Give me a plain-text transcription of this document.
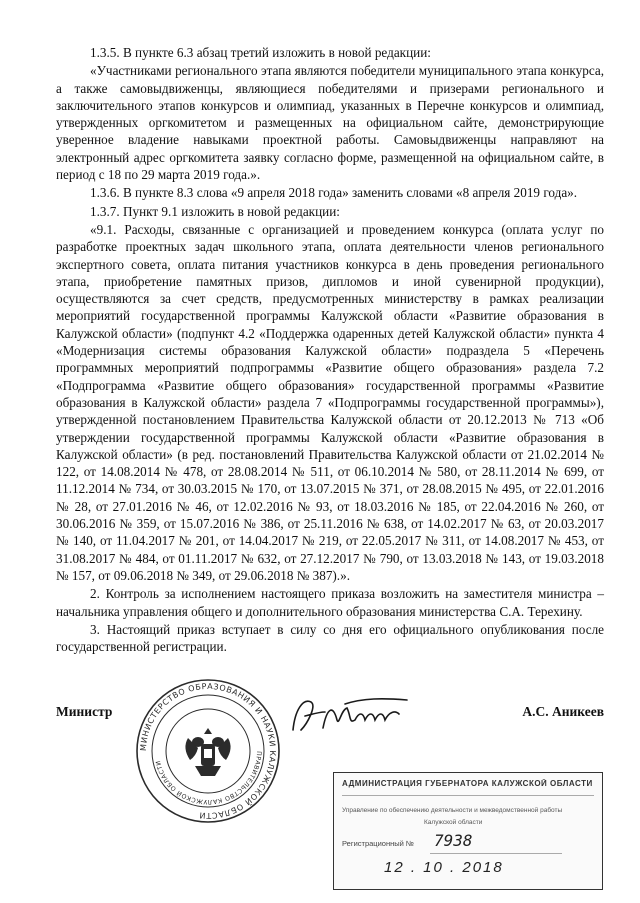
1.3.5. В пункте 6.3 абзац третий изложить в новой редакции:

«Участниками регионального этапа являются победители муниципального этапа конкурса, а также самовыдвиженцы, являющиеся победителями и призерами регионального и заключительного этапов конкурсов и олимпиад, указанных в Перечне конкурсов и олимпиад, утвержденных оргкомитетом и размещенных на официальном сайте, демонстрирующие уверенное владение навыками проектной работы. Самовыдвиженцы направляют на электронный адрес оргкомитета заявку согласно форме, размещенной на официальном сайте, в период с 18 по 29 марта 2019 года.».

1.3.6. В пункте 8.3 слова «9 апреля 2018 года» заменить словами «8 апреля 2019 года».

1.3.7. Пункт 9.1 изложить в новой редакции:

«9.1. Расходы, связанные с организацией и проведением конкурса (оплата услуг по разработке проектных задач школьного этапа, оплата деятельности членов регионального экспертного совета, оплата питания участников конкурса в день проведения регионального этапа, приобретение памятных призов, дипломов и иной сувенирной продукции), осуществляются за счет средств, предусмотренных министерству в рамках реализации мероприятий государственной программы Калужской области «Развитие образования в Калужской области» (подпункт 4.2 «Поддержка одаренных детей Калужской области» пункта 4 «Модернизация системы образования Калужской области» подраздела 5 «Перечень программных мероприятий подпрограммы «Развитие общего образования» раздела 7.2 «Подпрограмма «Развитие общего образования» государственной программы «Развитие образования в Калужской области» раздела 7 «Подпрограммы государственной программы»), утвержденной постановлением Правительства Калужской области от 20.12.2013 № 713 «Об утверждении государственной программы Калужской области «Развитие образования в Калужской области» (в ред. постановлений Правительства Калужской области от 21.02.2014 № 122, от 14.08.2014 № 478, от 28.08.2014 № 511, от 06.10.2014 № 580, от 28.11.2014 № 699, от 11.12.2014 № 734, от 30.03.2015 № 170, от 13.07.2015 № 371, от 28.08.2015 № 495, от 22.01.2016 № 28, от 27.01.2016 № 46, от 12.02.2016 № 93, от 18.03.2016 № 185, от 22.04.2016 № 260, от 30.06.2016 № 359, от 15.07.2016 № 386, от 25.11.2016 № 638, от 14.02.2017 № 63, от 20.03.2017 № 140, от 11.04.2017 № 201, от 14.04.2017 № 219, от 22.05.2017 № 311, от 14.08.2017 № 453, от 31.08.2017 № 484, от 01.11.2017 № 632, от 27.12.2017 № 790, от 13.03.2018 № 143, от 19.03.2018 № 157, от 09.06.2018 № 349, от 29.06.2018 № 387).».

2. Контроль за исполнением настоящего приказа возложить на заместителя министра – начальника управления общего и дополнительного образования министерства С.А. Терехину.

3. Настоящий приказ вступает в силу со дня его официального опубликования после государственной регистрации.

Министр	А.С. Аникеев
МИНИСТЕРСТВО ОБРАЗОВАНИЯ И НАУКИ КАЛУЖСКОЙ ОБЛАСТИ
ПРАВИТЕЛЬСТВО КАЛУЖСКОЙ ОБЛАСТИ
АДМИНИСТРАЦИЯ ГУБЕРНАТОРА КАЛУЖСКОЙ ОБЛАСТИ
Управление по обеспечению деятельности и межведомственной работы
Калужской области
Регистрационный № 7938
12 . 10 . 2018
